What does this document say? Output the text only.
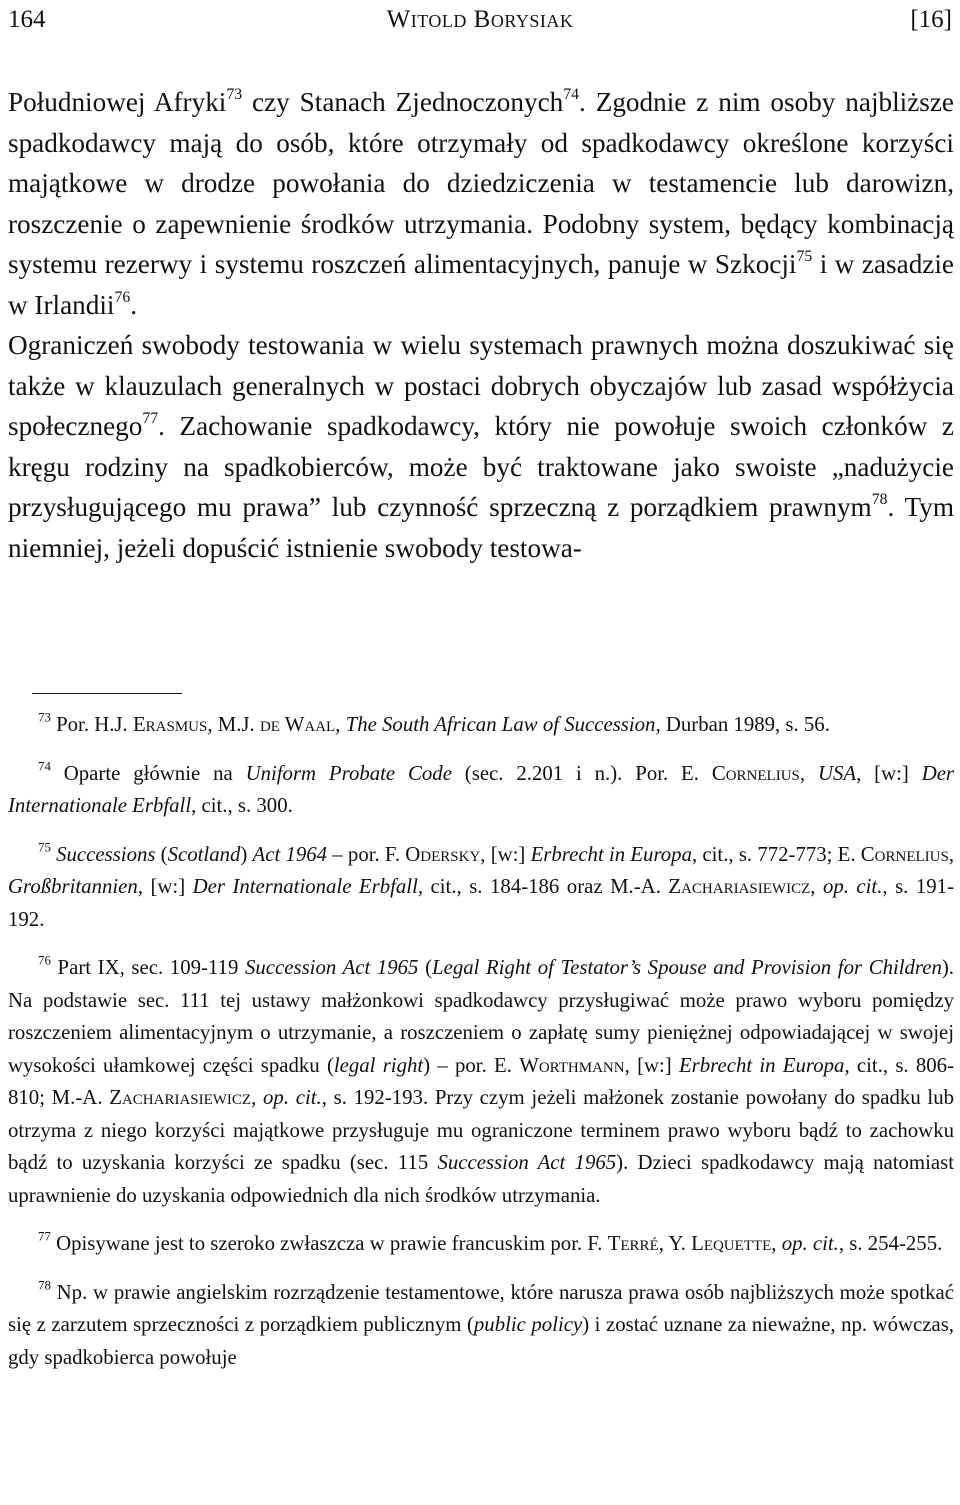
164	Witold Borysiak	[16]

Południowej Afryki$^{73}$ czy Stanach Zjednoczonych$^{74}$. Zgodnie z nim osoby najbliższe spadkodawcy mają do osób, które otrzymały od spadkodawcy określone korzyści majątkowe w drodze powołania do dziedziczenia w testamencie lub darowizn, roszczenie o zapewnienie środków utrzymania. Podobny system, będący kombinacją systemu rezerwy i systemu roszczeń alimentacyjnych, panuje w Szkocji$^{75}$ i w zasadzie w Irlandii$^{76}$.
Ograniczeń swobody testowania w wielu systemach prawnych można doszukiwać się także w klauzulach generalnych w postaci dobrych obyczajów lub zasad współżycia społecznego$^{77}$. Zachowanie spadkodawcy, który nie powołuje swoich członków z kręgu rodziny na spadkobierców, może być traktowane jako swoiste „nadużycie przysługującego mu prawa” lub czynność sprzeczną z porządkiem prawnym$^{78}$. Tym niemniej, jeżeli dopuścić istnienie swobody testowa-

$^{73}$ Por. H.J. Erasmus, M.J. de Waal, The South African Law of Succession, Durban 1989, s. 56.

$^{74}$ Oparte głównie na Uniform Probate Code (sec. 2.201 i n.). Por. E. Cornelius, USA, [w:] Der Internationale Erbfall, cit., s. 300.

$^{75}$ Successions (Scotland) Act 1964 – por. F. Odersky, [w:] Erbrecht in Europa, cit., s. 772-773; E. Cornelius, Großbritannien, [w:] Der Internationale Erbfall, cit., s. 184-186 oraz M.-A. Zachariasiewicz, op. cit., s. 191-192.

$^{76}$ Part IX, sec. 109-119 Succession Act 1965 (Legal Right of Testator’s Spouse and Provision for Children). Na podstawie sec. 111 tej ustawy małżonkowi spadkodawcy przysługiwać może prawo wyboru pomiędzy roszczeniem alimentacyjnym o utrzymanie, a roszczeniem o zapłatę sumy pieniężnej odpowiadającej w swojej wysokości ułamkowej części spadku (legal right) – por. E. Worthmann, [w:] Erbrecht in Europa, cit., s. 806-810; M.-A. Zachariasiewicz, op. cit., s. 192-193. Przy czym jeżeli małżonek zostanie powołany do spadku lub otrzyma z niego korzyści majątkowe przysługuje mu ograniczone terminem prawo wyboru bądź to zachowku bądź to uzyskania korzyści ze spadku (sec. 115 Succession Act 1965). Dzieci spadkodawcy mają natomiast uprawnienie do uzyskania odpowiednich dla nich środków utrzymania.

$^{77}$ Opisywane jest to szeroko zwłaszcza w prawie francuskim por. F. Terré, Y. Lequette, op. cit., s. 254-255.

$^{78}$ Np. w prawie angielskim rozrządzenie testamentowe, które narusza prawa osób najbliższych może spotkać się z zarzutem sprzeczności z porządkiem publicznym (public policy) i zostać uznane za nieważne, np. wówczas, gdy spadkobierca powołuje
